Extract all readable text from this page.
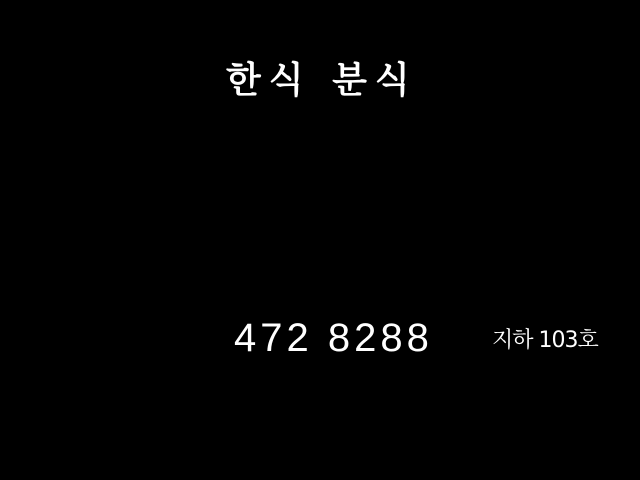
한식 분식
472 8288	지하 103호
